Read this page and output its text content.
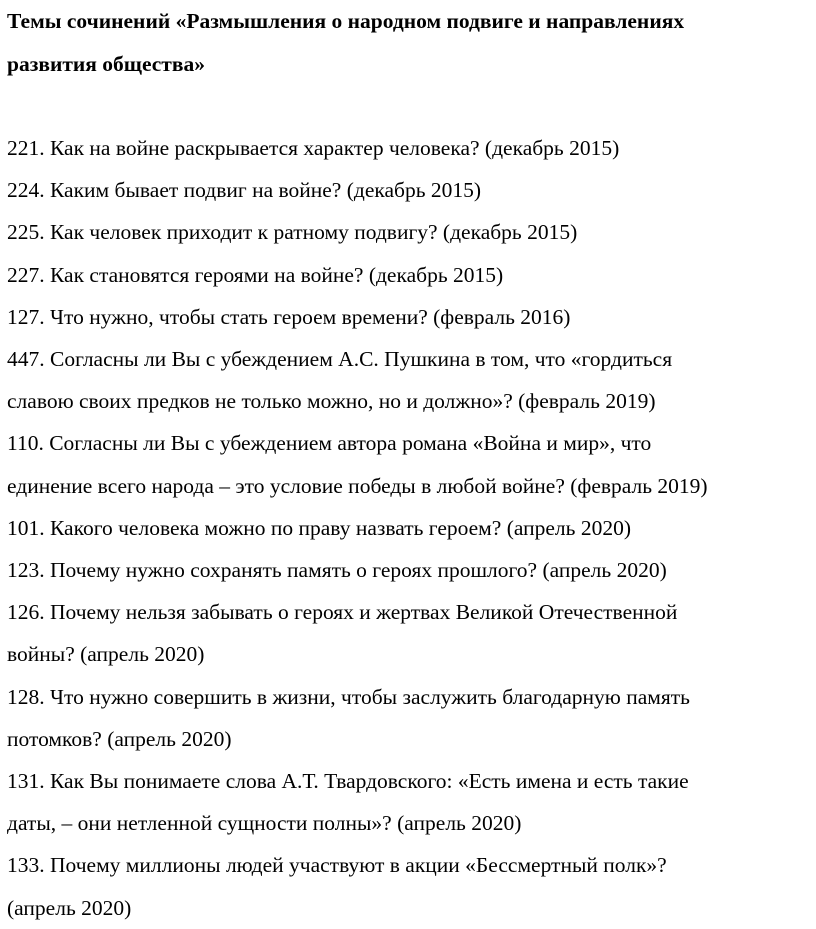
Темы сочинений «Размышления о народном подвиге и направлениях
развития общества»
221. Как на войне раскрывается характер человека? (декабрь 2015)
224. Каким бывает подвиг на войне? (декабрь 2015)
225. Как человек приходит к ратному подвигу? (декабрь 2015)
227. Как становятся героями на войне? (декабрь 2015)
127. Что нужно, чтобы стать героем времени? (февраль 2016)
447. Согласны ли Вы с убеждением А.С. Пушкина в том, что «гордиться
славою своих предков не только можно, но и должно»? (февраль 2019)
110. Согласны ли Вы с убеждением автора романа «Война и мир», что
единение всего народа – это условие победы в любой войне? (февраль 2019)
101. Какого человека можно по праву назвать героем? (апрель 2020)
123. Почему нужно сохранять память о героях прошлого? (апрель 2020)
126. Почему нельзя забывать о героях и жертвах Великой Отечественной
войны? (апрель 2020)
128. Что нужно совершить в жизни, чтобы заслужить благодарную память
потомков? (апрель 2020)
131. Как Вы понимаете слова А.Т. Твардовского: «Есть имена и есть такие
даты, – они нетленной сущности полны»? (апрель 2020)
133. Почему миллионы людей участвуют в акции «Бессмертный полк»?
(апрель 2020)
